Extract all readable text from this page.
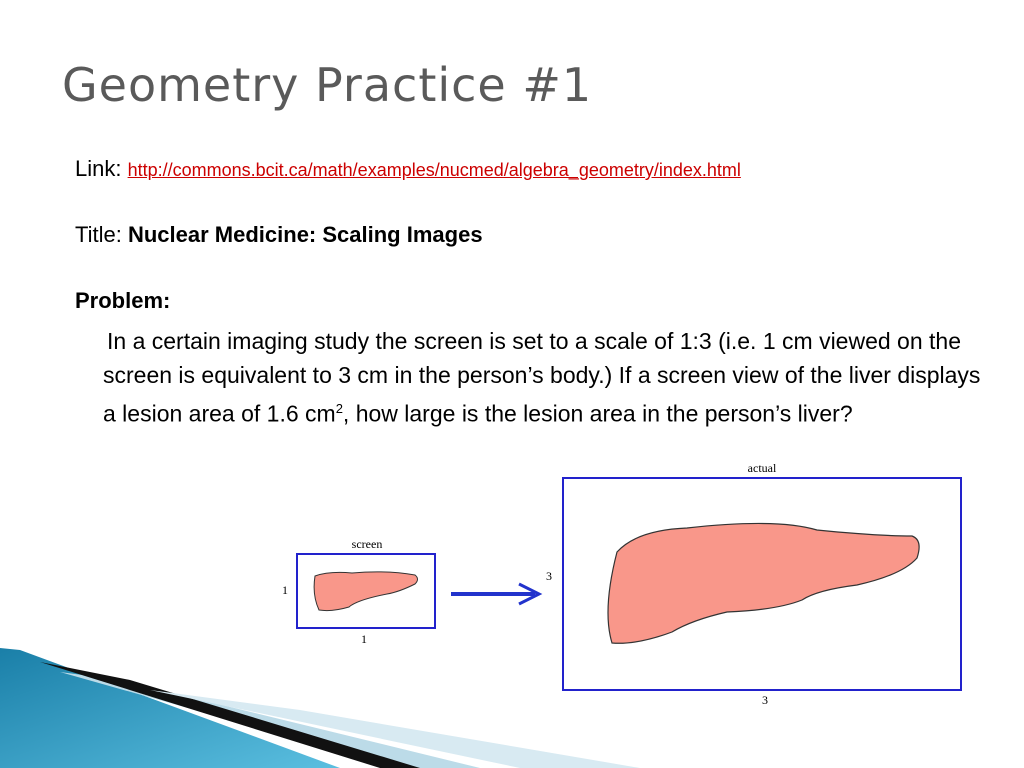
Geometry Practice #1
Link: http://commons.bcit.ca/math/examples/nucmed/algebra_geometry/index.html
Title: Nuclear Medicine: Scaling Images
Problem:
In a certain imaging study the screen is set to a scale of 1:3 (i.e. 1 cm viewed on the screen is equivalent to 3 cm in the person’s body.) If a screen view of the liver displays a lesion area of 1.6 $cm^2$, how large is the lesion area in the person’s liver?
screen
1
1
actual
3
3
